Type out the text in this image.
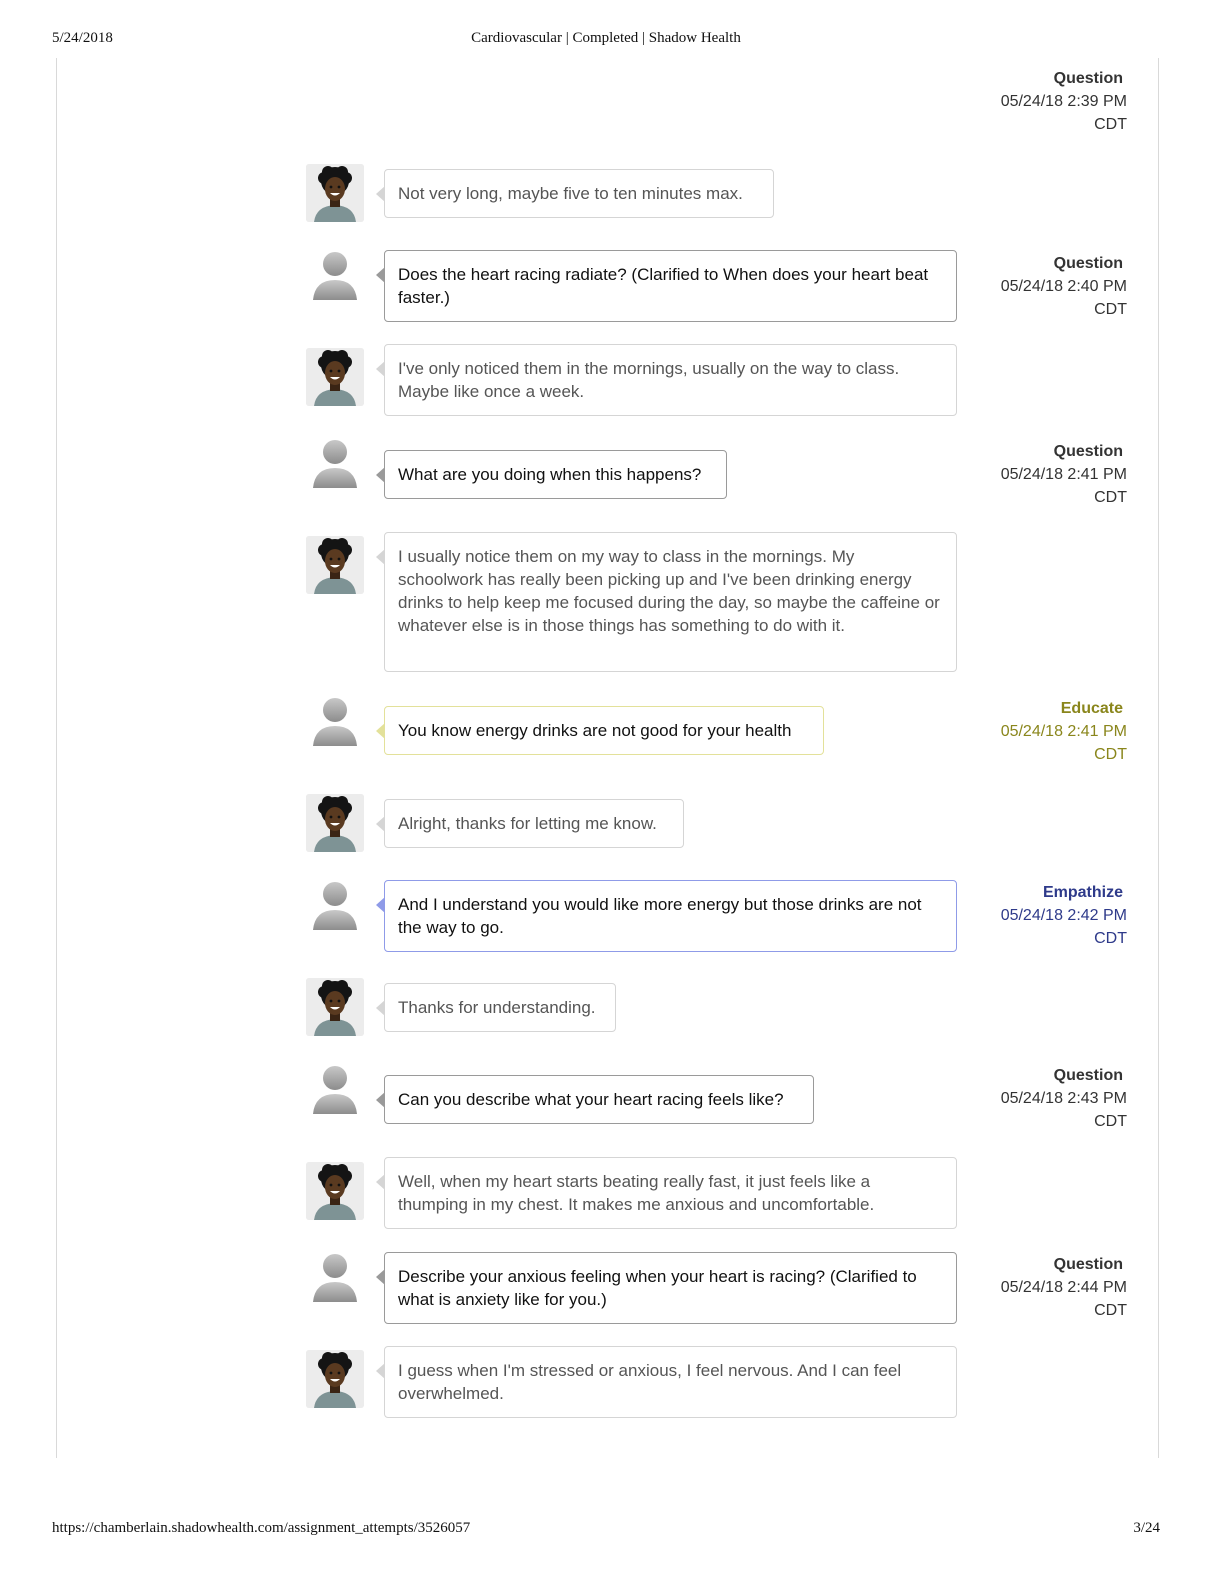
5/24/2018	Cardiovascular | Completed | Shadow Health
Question
05/24/18 2:39 PM
CDT
Not very long, maybe five to ten minutes max.
Does the heart racing radiate? (Clarified to When does your heart beat faster.)
Question
05/24/18 2:40 PM
CDT
I've only noticed them in the mornings, usually on the way to class. Maybe like once a week.
What are you doing when this happens?
Question
05/24/18 2:41 PM
CDT
I usually notice them on my way to class in the mornings. My schoolwork has really been picking up and I've been drinking energy drinks to help keep me focused during the day, so maybe the caffeine or whatever else is in those things has something to do with it.
You know energy drinks are not good for your health
Educate
05/24/18 2:41 PM
CDT
Alright, thanks for letting me know.
And I understand you would like more energy but those drinks are not the way to go.
Empathize
05/24/18 2:42 PM
CDT
Thanks for understanding.
Can you describe what your heart racing feels like?
Question
05/24/18 2:43 PM
CDT
Well, when my heart starts beating really fast, it just feels like a thumping in my chest. It makes me anxious and uncomfortable.
Describe your anxious feeling when your heart is racing? (Clarified to what is anxiety like for you.)
Question
05/24/18 2:44 PM
CDT
I guess when I'm stressed or anxious, I feel nervous. And I can feel overwhelmed.
https://chamberlain.shadowhealth.com/assignment_attempts/3526057	3/24
